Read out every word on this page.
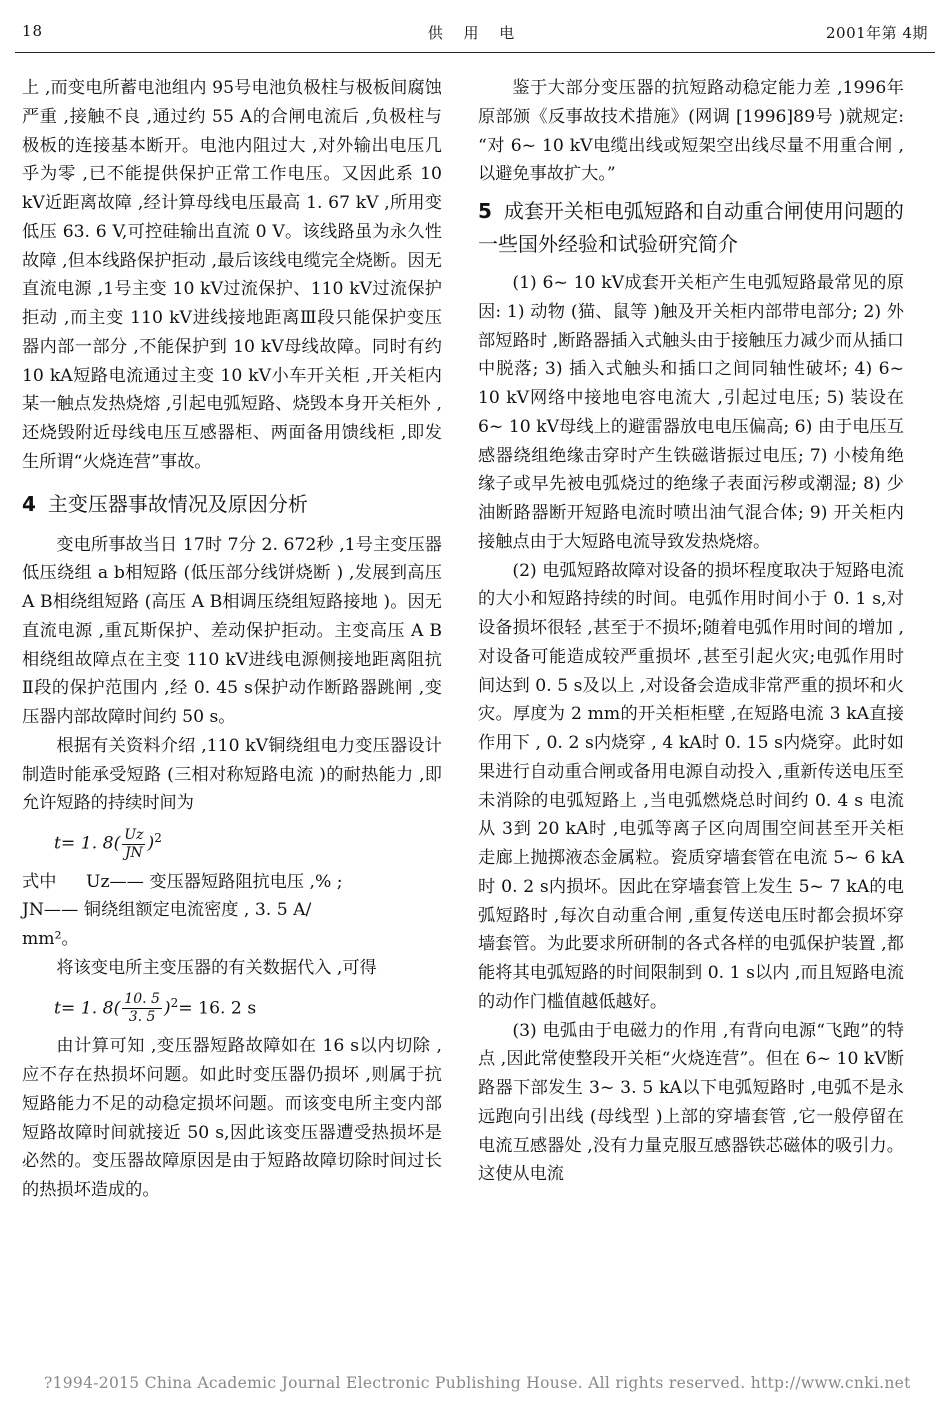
18	供 用 电	2001年第 4期

上 ,而变电所蓄电池组内 95号电池负极柱与极板间腐蚀严重 ,接触不良 ,通过约 55 A的合闸电流后 ,负极柱与极板的连接基本断开。电池内阻过大 ,对外输出电压几乎为零 ,已不能提供保护正常工作电压。又因此系 10 kV近距离故障 ,经计算母线电压最高 1. 67 kV ,所用变低压 63. 6 V,可控硅输出直流 0 V。该线路虽为永久性故障 ,但本线路保护拒动 ,最后该线电缆完全烧断。因无直流电源 ,1号主变 10 kV过流保护、110 kV过流保护拒动 ,而主变 110 kV进线接地距离Ⅲ段只能保护变压器内部一部分 ,不能保护到 10 kV母线故障。同时有约 10 kA短路电流通过主变 10 kV小车开关柜 ,开关柜内某一触点发热烧熔 ,引起电弧短路、烧毁本身开关柜外 ,还烧毁附近母线电压互感器柜、两面备用馈线柜 ,即发生所谓“火烧连营”事故。

4 主变压器事故情况及原因分析

变电所事故当日 17时 7分 2. 672秒 ,1号主变压器低压绕组 a b相短路 (低压部分线饼烧断 ) ,发展到高压 A B相绕组短路 (高压 A B相调压绕组短路接地 )。因无直流电源 ,重瓦斯保护、差动保护拒动。主变高压 A B相绕组故障点在主变 110 kV进线电源侧接地距离阻抗Ⅱ段的保护范围内 ,经 0. 45 s保护动作断路器跳闸 ,变压器内部故障时间约 50 s。

根据有关资料介绍 ,110 kV铜绕组电力变压器设计制造时能承受短路 (三相对称短路电流 )的耐热能力 ,即允许短路的持续时间为

t= 1. $8( \frac{Uz}{JN} )^2$

式中 Uz—— 变压器短路阻抗电压 ,% ;

JN—— 铜绕组额定电流密度 , 3. 5 A/

mm²。

将该变电所主变压器的有关数据代入 ,可得

t= 1. $8( \frac{10. 5}{3. 5} )^2= 16$. 2 s

由计算可知 ,变压器短路故障如在 16 s以内切除 ,应不存在热损坏问题。如此时变压器仍损坏 ,则属于抗短路能力不足的动稳定损坏问题。而该变电所主变内部短路故障时间就接近 50 s,因此该变压器遭受热损坏是必然的。变压器故障原因是由于短路故障切除时间过长的热损坏造成的。

鉴于大部分变压器的抗短路动稳定能力差 ,1996年原部颁《反事故技术措施》(网调 [1996]89号 )就规定: “对 6~ 10 kV电缆出线或短架空出线尽量不用重合闸 ,以避免事故扩大。”

5 成套开关柜电弧短路和自动重合闸使用问题的一些国外经验和试验研究简介

(1) 6~ 10 kV成套开关柜产生电弧短路最常见的原因: 1) 动物 (猫、鼠等 )触及开关柜内部带电部分; 2) 外部短路时 ,断路器插入式触头由于接触压力减少而从插口中脱落; 3) 插入式触头和插口之间同轴性破坏; 4) 6~ 10 kV网络中接地电容电流大 ,引起过电压; 5) 装设在 6~ 10 kV母线上的避雷器放电电压偏高; 6) 由于电压互感器绕组绝缘击穿时产生铁磁谐振过电压; 7) 小棱角绝缘子或早先被电弧烧过的绝缘子表面污秽或潮湿; 8) 少油断路器断开短路电流时喷出油气混合体; 9) 开关柜内接触点由于大短路电流导致发热烧熔。

(2) 电弧短路故障对设备的损坏程度取决于短路电流的大小和短路持续的时间。电弧作用时间小于 0. 1 s,对设备损坏很轻 ,甚至于不损坏;随着电弧作用时间的增加 ,对设备可能造成较严重损坏 ,甚至引起火灾;电弧作用时间达到 0. 5 s及以上 ,对设备会造成非常严重的损坏和火灾。厚度为 2 mm的开关柜柜壁 ,在短路电流 3 kA直接作用下 , 0. 2 s内烧穿 , 4 kA时 0. 15 s内烧穿。此时如果进行自动重合闸或备用电源自动投入 ,重新传送电压至未消除的电弧短路上 ,当电弧燃烧总时间约 0. 4 s 电流从 3到 20 kA时 ,电弧等离子区向周围空间甚至开关柜走廊上抛掷液态金属粒。瓷质穿墙套管在电流 5~ 6 kA时 0. 2 s内损坏。因此在穿墙套管上发生 5~ 7 kA的电弧短路时 ,每次自动重合闸 ,重复传送电压时都会损坏穿墙套管。为此要求所研制的各式各样的电弧保护装置 ,都能将其电弧短路的时间限制到 0. 1 s以内 ,而且短路电流的动作门槛值越低越好。

(3) 电弧由于电磁力的作用 ,有背向电源“飞跑”的特点 ,因此常使整段开关柜“火烧连营”。但在 6~ 10 kV断路器下部发生 3~ 3. 5 kA以下电弧短路时 ,电弧不是永远跑向引出线 (母线型 )上部的穿墙套管 ,它一般停留在电流互感器处 ,没有力量克服互感器铁芯磁体的吸引力。这使从电流

?1994-2015 China Academic Journal Electronic Publishing House. All rights reserved. http://www.cnki.net
